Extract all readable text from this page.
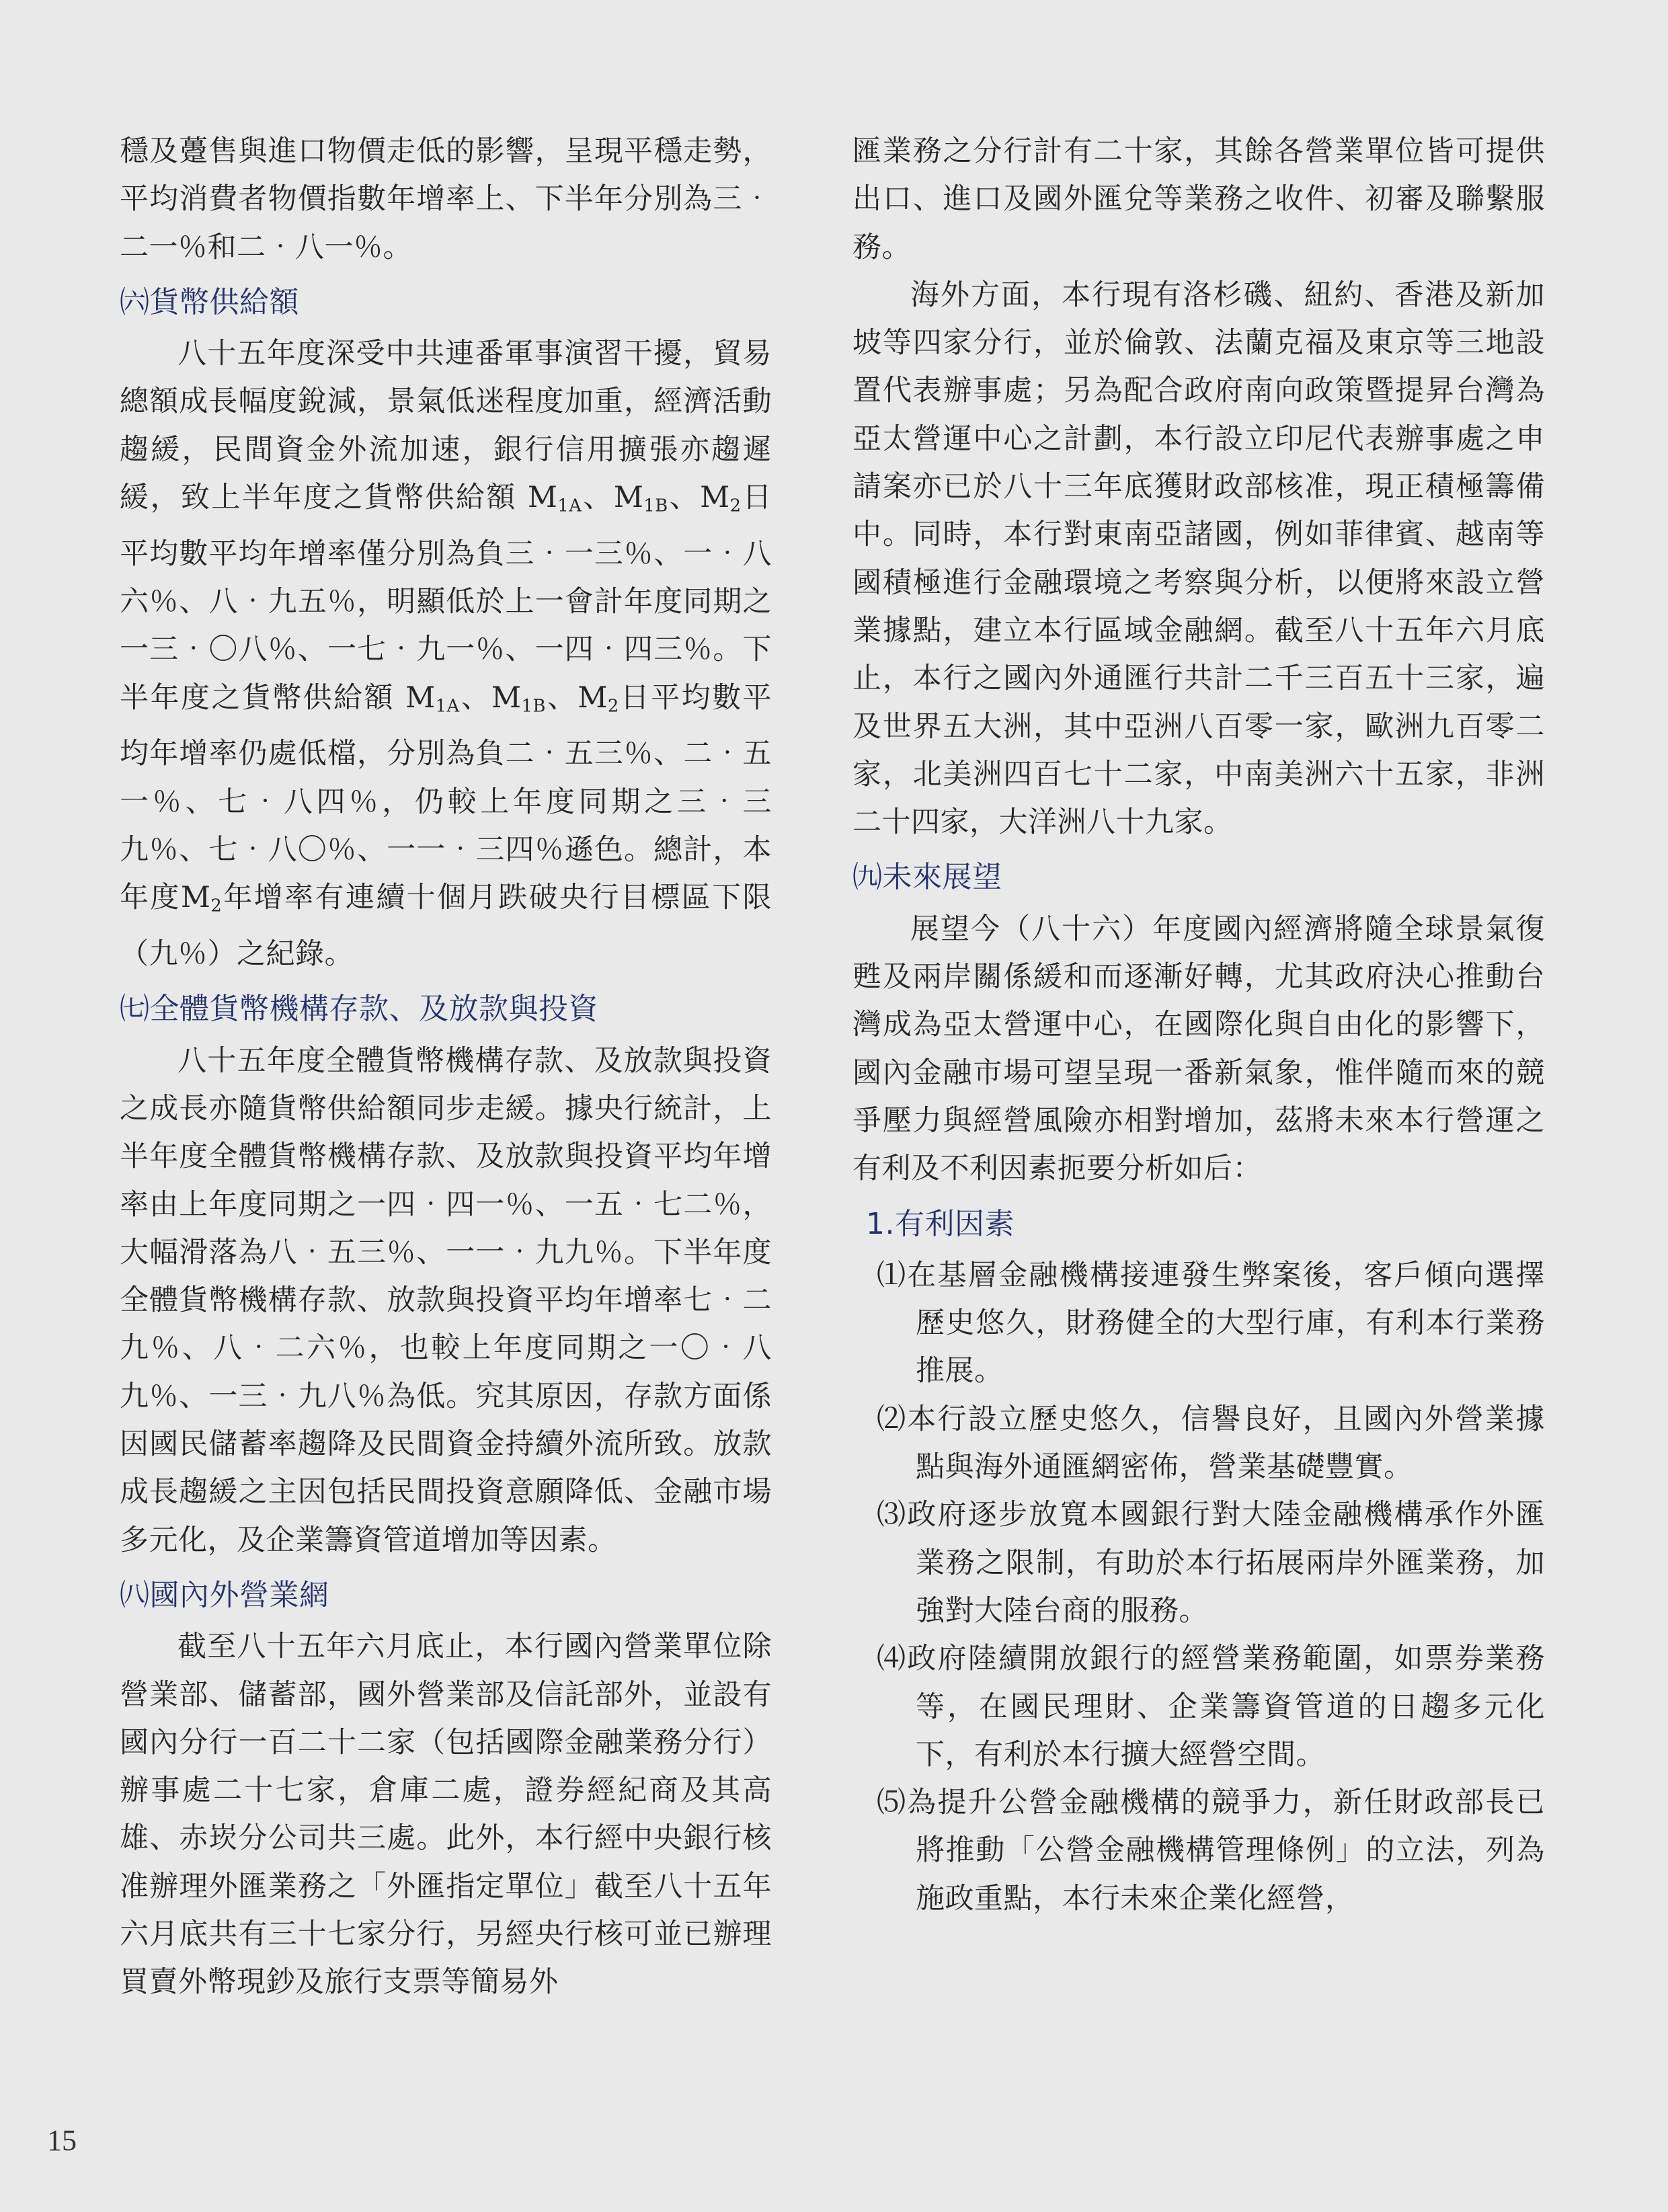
穩及躉售與進口物價走低的影響，呈現平穩走勢，平均消費者物價指數年增率上、下半年分別為三‧二一％和二‧八一％。

㈥貨幣供給額

八十五年度深受中共連番軍事演習干擾，貿易總額成長幅度銳減，景氣低迷程度加重，經濟活動趨緩，民間資金外流加速，銀行信用擴張亦趨遲緩，致上半年度之貨幣供給額 $M_{1A}$、$M_{1B}$、$M_2$日平均數平均年增率僅分別為負三‧一三％、一‧八六％、八‧九五％，明顯低於上一會計年度同期之一三‧〇八％、一七‧九一％、一四‧四三％。下半年度之貨幣供給額 $M_{1A}$、$M_{1B}$、$M_2$日平均數平均年增率仍處低檔，分別為負二‧五三％、二‧五一％、七‧八四％，仍較上年度同期之三‧三九％、七‧八〇％、一一‧三四％遜色。總計，本年度$M_2$年增率有連續十個月跌破央行目標區下限（九％）之紀錄。

㈦全體貨幣機構存款、及放款與投資

八十五年度全體貨幣機構存款、及放款與投資之成長亦隨貨幣供給額同步走緩。據央行統計，上半年度全體貨幣機構存款、及放款與投資平均年增率由上年度同期之一四‧四一％、一五‧七二％，大幅滑落為八‧五三％、一一‧九九％。下半年度全體貨幣機構存款、放款與投資平均年增率七‧二九％、八‧二六％，也較上年度同期之一〇‧八九％、一三‧九八％為低。究其原因，存款方面係因國民儲蓄率趨降及民間資金持續外流所致。放款成長趨緩之主因包括民間投資意願降低、金融市場多元化，及企業籌資管道增加等因素。

㈧國內外營業網

截至八十五年六月底止，本行國內營業單位除營業部、儲蓄部，國外營業部及信託部外，並設有國內分行一百二十二家（包括國際金融業務分行）辦事處二十七家，倉庫二處，證券經紀商及其高雄、赤崁分公司共三處。此外，本行經中央銀行核准辦理外匯業務之「外匯指定單位」截至八十五年六月底共有三十七家分行，另經央行核可並已辦理買賣外幣現鈔及旅行支票等簡易外

匯業務之分行計有二十家，其餘各營業單位皆可提供出口、進口及國外匯兌等業務之收件、初審及聯繫服務。

海外方面，本行現有洛杉磯、紐約、香港及新加坡等四家分行，並於倫敦、法蘭克福及東京等三地設置代表辦事處；另為配合政府南向政策暨提昇台灣為亞太營運中心之計劃，本行設立印尼代表辦事處之申請案亦已於八十三年底獲財政部核准，現正積極籌備中。同時，本行對東南亞諸國，例如菲律賓、越南等國積極進行金融環境之考察與分析，以便將來設立營業據點，建立本行區域金融網。截至八十五年六月底止，本行之國內外通匯行共計二千三百五十三家，遍及世界五大洲，其中亞洲八百零一家，歐洲九百零二家，北美洲四百七十二家，中南美洲六十五家，非洲二十四家，大洋洲八十九家。

㈨未來展望

展望今（八十六）年度國內經濟將隨全球景氣復甦及兩岸關係緩和而逐漸好轉，尤其政府決心推動台灣成為亞太營運中心，在國際化與自由化的影響下，國內金融市場可望呈現一番新氣象，惟伴隨而來的競爭壓力與經營風險亦相對增加，茲將未來本行營運之有利及不利因素扼要分析如后：

1.有利因素

⑴在基層金融機構接連發生弊案後，客戶傾向選擇歷史悠久，財務健全的大型行庫，有利本行業務推展。

⑵本行設立歷史悠久，信譽良好，且國內外營業據點與海外通匯網密佈，營業基礎豐實。

⑶政府逐步放寬本國銀行對大陸金融機構承作外匯業務之限制，有助於本行拓展兩岸外匯業務，加強對大陸台商的服務。

⑷政府陸續開放銀行的經營業務範圍，如票券業務等，在國民理財、企業籌資管道的日趨多元化下，有利於本行擴大經營空間。

⑸為提升公營金融機構的競爭力，新任財政部長已將推動「公營金融機構管理條例」的立法，列為施政重點，本行未來企業化經營，

15
